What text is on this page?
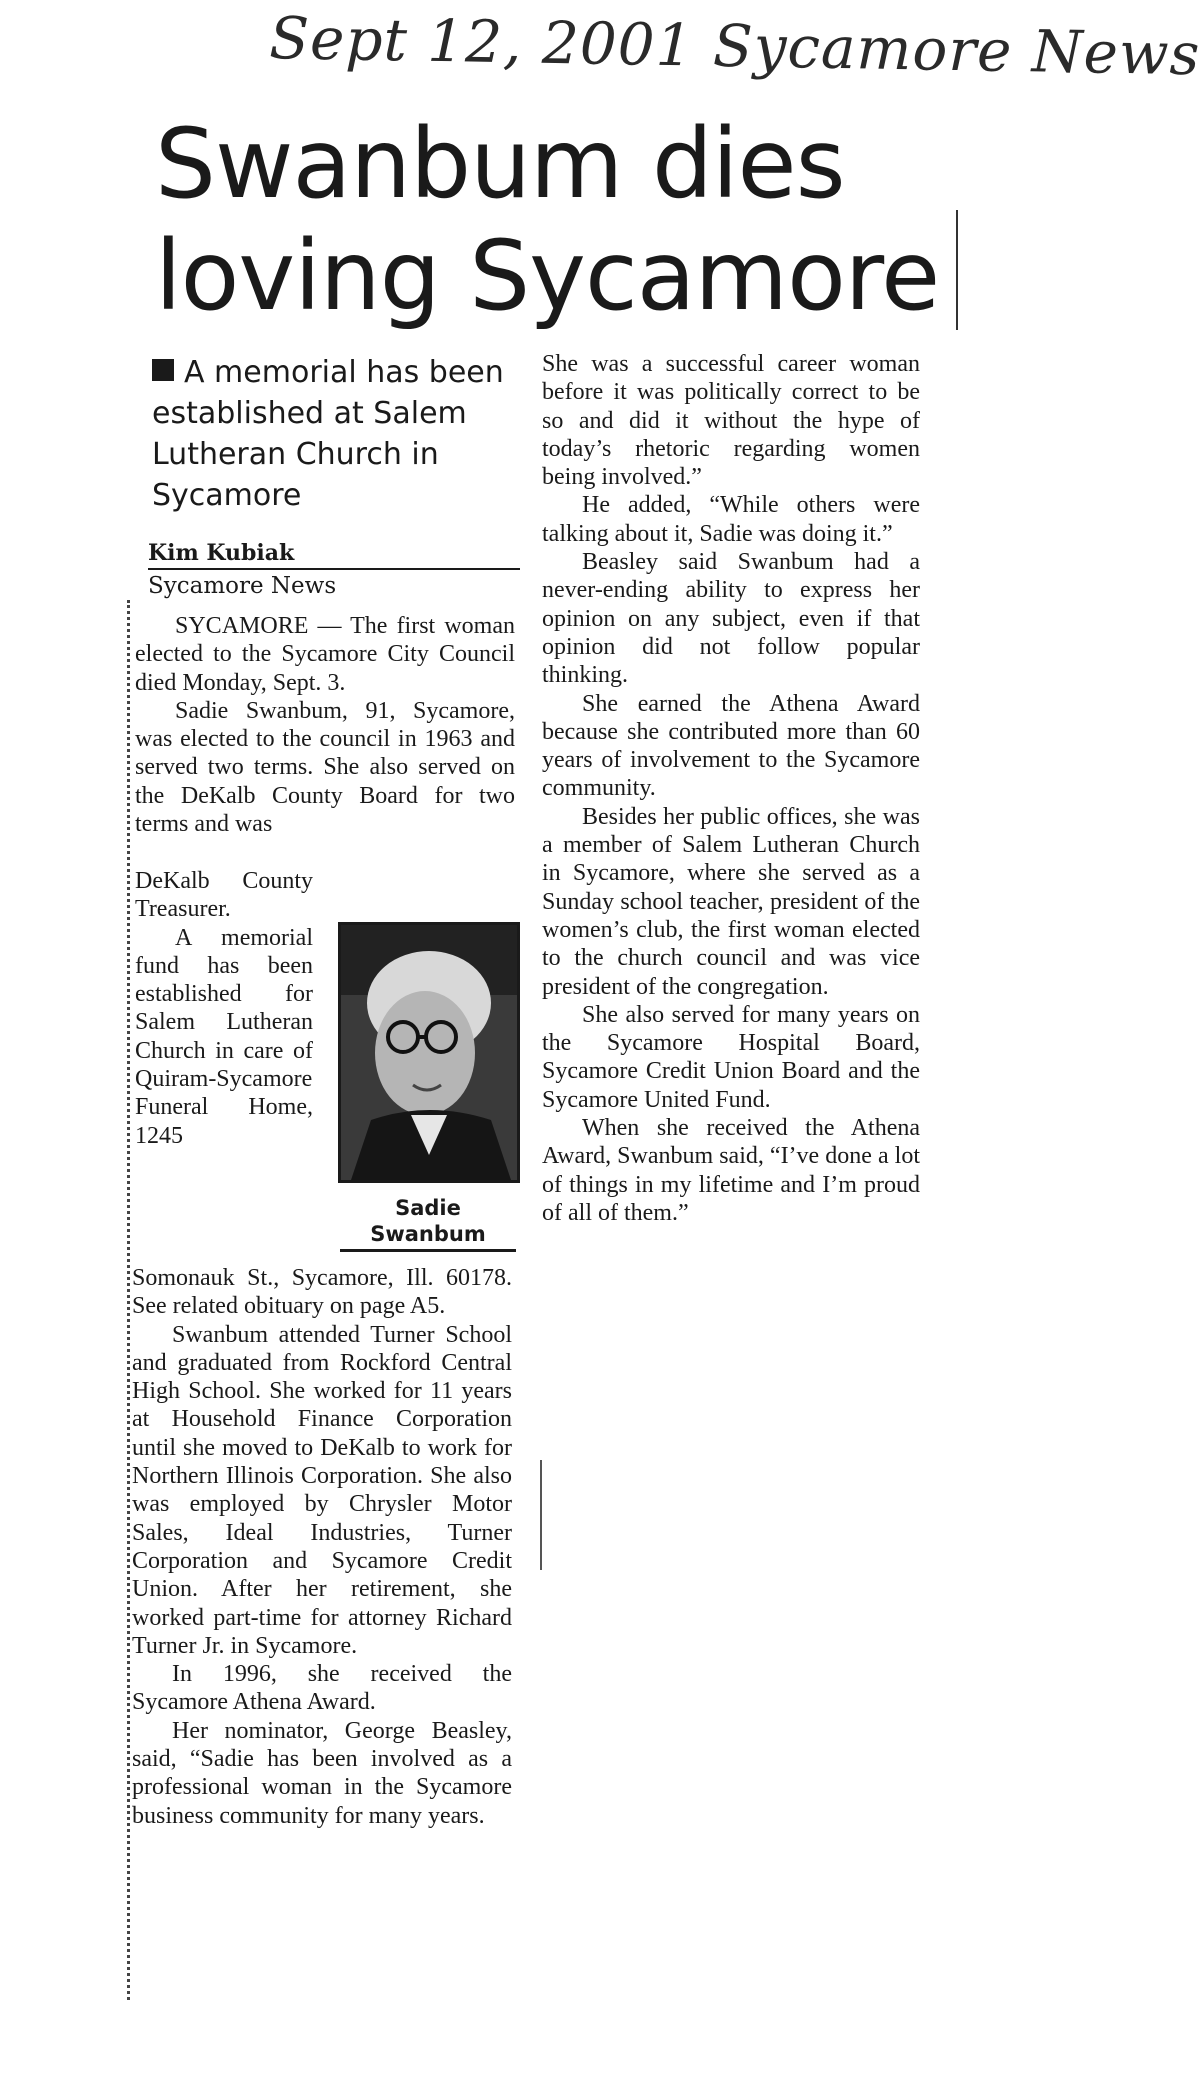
Sept 12, 2001 Sycamore News
Swanbum dies
loving Sycamore
A memorial has been established at Salem Lutheran Church in Sycamore
Kim Kubiak
Sycamore News

SYCAMORE — The first woman elected to the Sycamore City Council died Monday, Sept. 3.

Sadie Swanbum, 91, Sycamore, was elected to the council in 1963 and served two terms. She also served on the DeKalb County Board for two terms and was

DeKalb County Treasurer.

A memorial fund has been established for Salem Lutheran Church in care of Quiram-Sycamore Funeral Home, 1245

Sadie
Swanbum

Somonauk St., Sycamore, Ill. 60178. See related obituary on page A5.

Swanbum attended Turner School and graduated from Rockford Central High School. She worked for 11 years at Household Finance Corporation until she moved to DeKalb to work for Northern Illinois Corporation. She also was employed by Chrysler Motor Sales, Ideal Industries, Turner Corporation and Sycamore Credit Union. After her retirement, she worked part-time for attorney Richard Turner Jr. in Sycamore.

In 1996, she received the Sycamore Athena Award.

Her nominator, George Beasley, said, “Sadie has been involved as a professional woman in the Sycamore business community for many years.

She was a successful career woman before it was politically correct to be so and did it without the hype of today’s rhetoric regarding women being involved.”

He added, “While others were talking about it, Sadie was doing it.”

Beasley said Swanbum had a never-ending ability to express her opinion on any subject, even if that opinion did not follow popular thinking.

She earned the Athena Award because she contributed more than 60 years of involvement to the Sycamore community.

Besides her public offices, she was a member of Salem Lutheran Church in Sycamore, where she served as a Sunday school teacher, president of the women’s club, the first woman elected to the church council and was vice president of the congregation.

She also served for many years on the Sycamore Hospital Board, Sycamore Credit Union Board and the Sycamore United Fund.

When she received the Athena Award, Swanbum said, “I’ve done a lot of things in my lifetime and I’m proud of all of them.”
